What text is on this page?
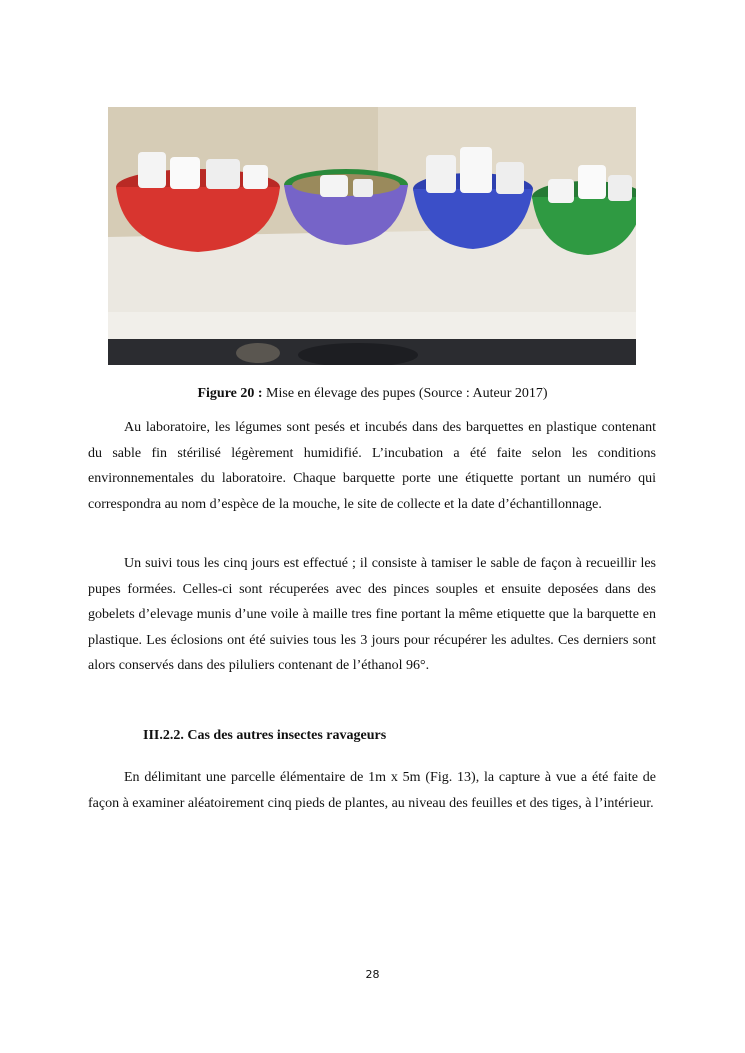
Figure 20 : Mise en élevage des pupes (Source : Auteur 2017)

Au laboratoire, les légumes sont pesés et incubés dans des barquettes en plastique contenant du sable fin stérilisé légèrement humidifié. L’incubation a été faite selon les conditions environnementales du laboratoire. Chaque barquette porte une étiquette portant un numéro qui correspondra au nom d’espèce de la mouche, le site de collecte et la date d’échantillonnage.

Un suivi tous les cinq jours est effectué ; il consiste à tamiser le sable de façon à recueillir les pupes formées. Celles-ci sont récuperées avec des pinces souples et ensuite deposées dans des gobelets d’elevage munis d’une voile à maille tres fine portant la même etiquette que la barquette en plastique. Les éclosions ont été suivies tous les 3 jours pour récupérer les adultes. Ces derniers sont alors conservés dans des piluliers contenant de l’éthanol 96°.

III.2.2. Cas des autres insectes ravageurs

En délimitant une parcelle élémentaire de 1m x 5m (Fig. 13), la capture à vue a été faite de façon à examiner aléatoirement cinq pieds de plantes, au niveau des feuilles et des tiges, à l’intérieur.

28
